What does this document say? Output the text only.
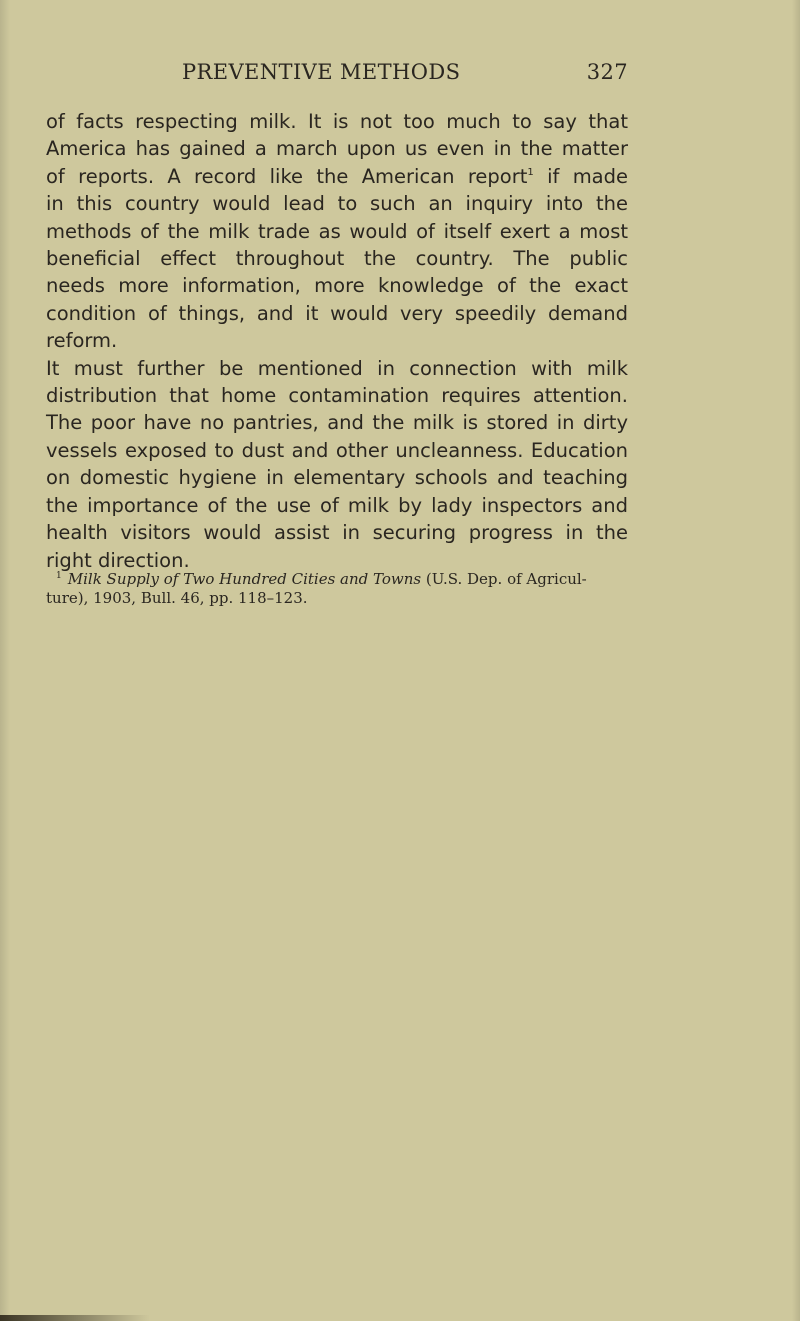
PREVENTIVE METHODS	327

of facts respecting milk. It is not too much to say that
America has gained a march upon us even in the matter
of reports. A record like the American report$^1$ if made
in this country would lead to such an inquiry into the
methods of the milk trade as would of itself exert a most
beneficial effect throughout the country. The public
needs more information, more knowledge of the exact
condition of things, and it would very speedily demand
reform.

It must further be mentioned in connection with milk
distribution that home contamination requires attention.
The poor have no pantries, and the milk is stored in dirty
vessels exposed to dust and other uncleanness. Education
on domestic hygiene in elementary schools and teaching
the importance of the use of milk by lady inspectors and
health visitors would assist in securing progress in the
right direction.

$^1$ Milk Supply of Two Hundred Cities and Towns (U.S. Dep. of Agricul-
ture), 1903, Bull. 46, pp. 118–123.
